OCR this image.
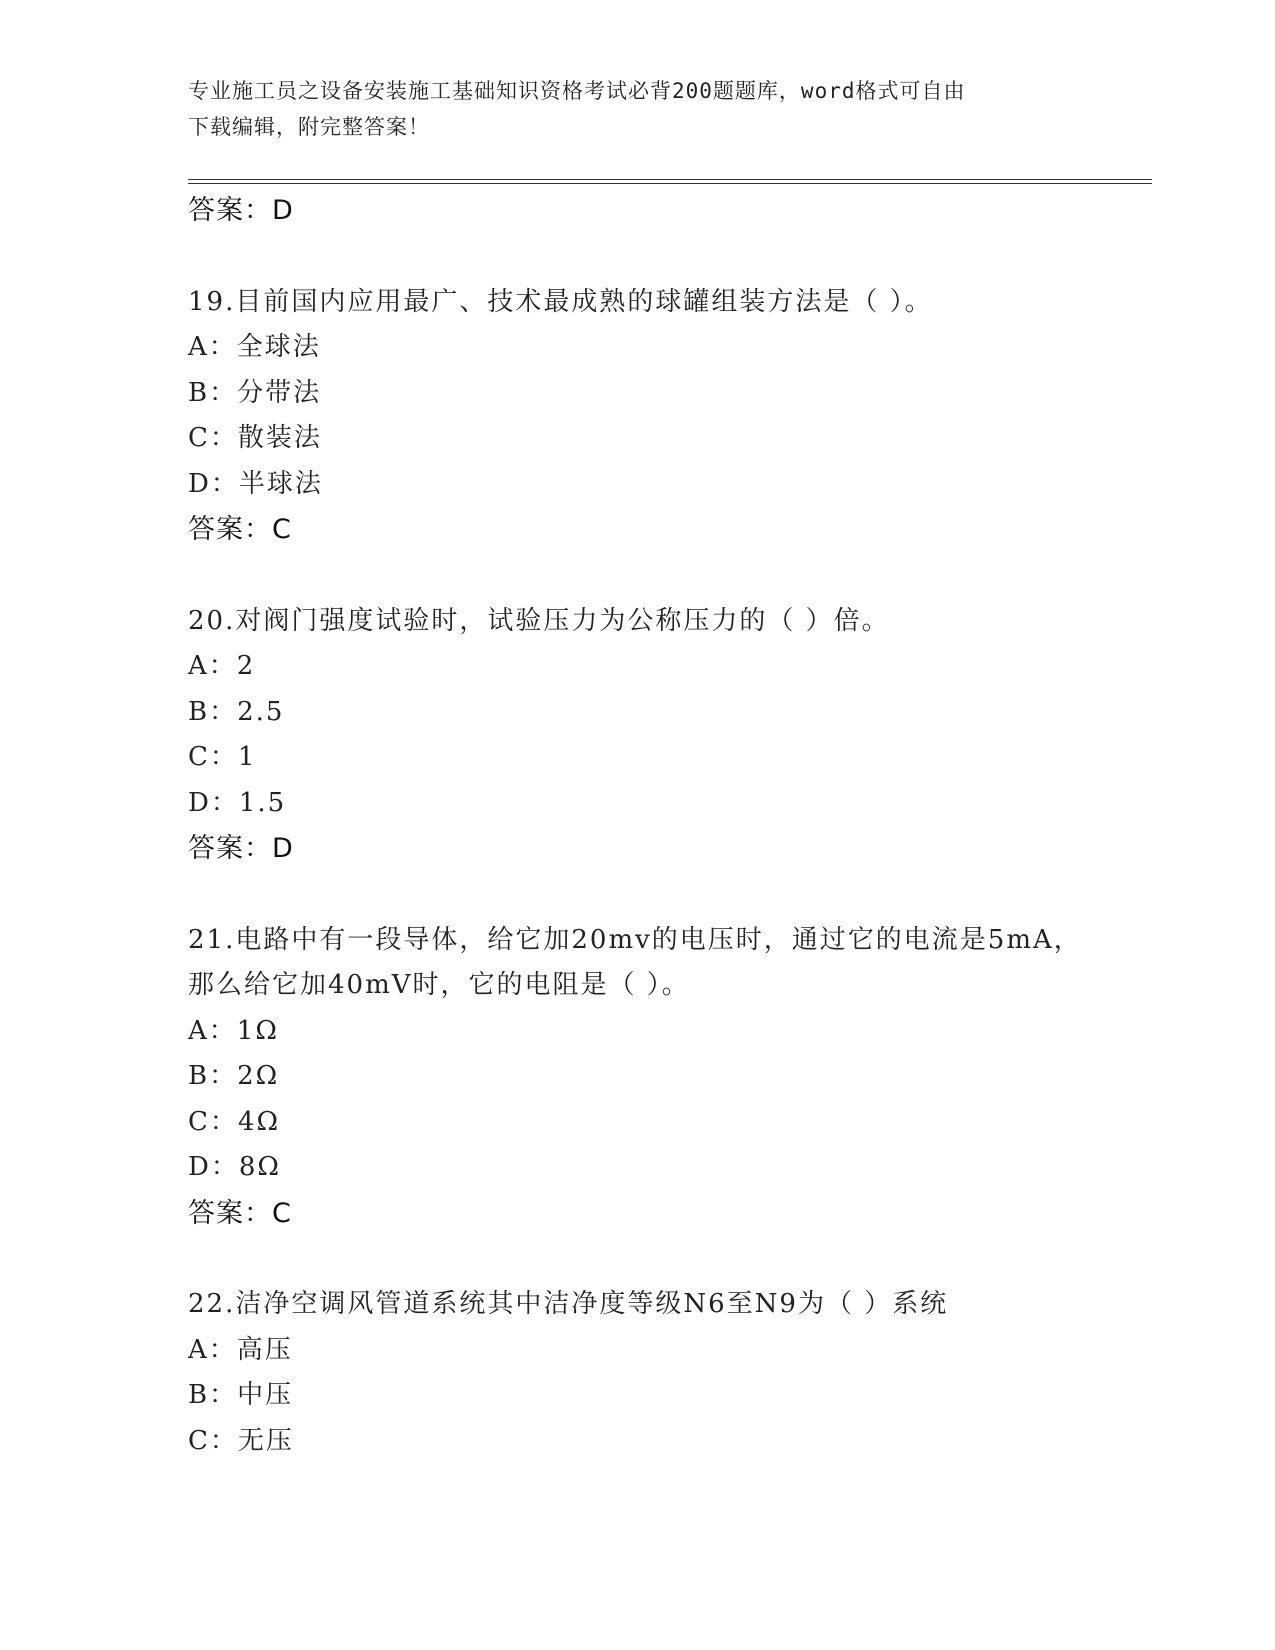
专业施工员之设备安装施工基础知识资格考试必背200题题库，word格式可自由
下载编辑，附完整答案！
答案：D
19.目前国内应用最广、技术最成熟的球罐组装方法是（ ）。
A：全球法
B：分带法
C：散装法
D：半球法
答案：C
20.对阀门强度试验时，试验压力为公称压力的（ ）倍。
A：2
B：2.5
C：1
D：1.5
答案：D
21.电路中有一段导体，给它加20mv的电压时，通过它的电流是5mA，
那么给它加40mV时，它的电阻是（ ）。
A：1Ω
B：2Ω
C：4Ω
D：8Ω
答案：C
22.洁净空调风管道系统其中洁净度等级N6至N9为（ ）系统
A：高压
B：中压
C：无压
